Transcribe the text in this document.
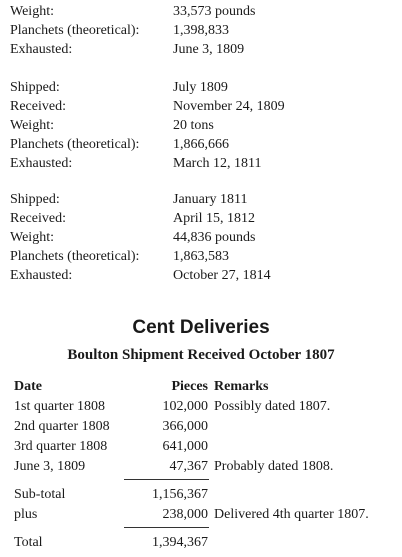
Weight:	33,573 pounds
Planchets (theoretical): 1,398,833
Exhausted:	June 3, 1809
Shipped:	July 1809
Received:	November 24, 1809
Weight:	20 tons
Planchets (theoretical): 1,866,666
Exhausted:	March 12, 1811
Shipped:	January 1811
Received:	April 15, 1812
Weight:	44,836 pounds
Planchets (theoretical): 1,863,583
Exhausted:	October 27, 1814
Cent Deliveries
Boulton Shipment Received October 1807
Date	Pieces Remarks
1st quarter 1808	102,000 Possibly dated 1807.
2nd quarter 1808	366,000
3rd quarter 1808	641,000
June 3, 1809	47,367 Probably dated 1808.
Sub-total	1,156,367
plus	238,000 Delivered 4th quarter 1807.
Total	1,394,367
